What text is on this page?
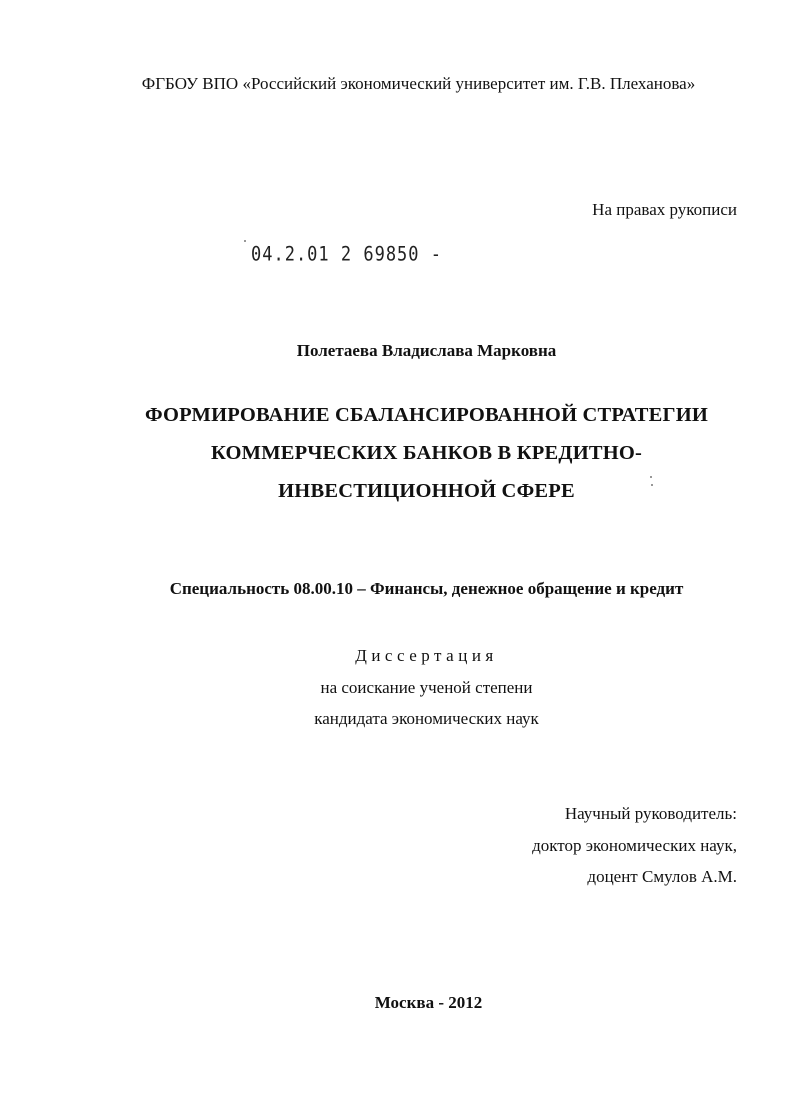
ФГБОУ ВПО «Российский экономический университет им. Г.В. Плеханова»
На правах рукописи
04.2.01 2 69850 -
Полетаева Владислава Марковна
ФОРМИРОВАНИЕ СБАЛАНСИРОВАННОЙ СТРАТЕГИИ
КОММЕРЧЕСКИХ БАНКОВ В КРЕДИТНО-
ИНВЕСТИЦИОННОЙ СФЕРЕ
Специальность 08.00.10 – Финансы, денежное обращение и кредит
Диссертация
на соискание ученой степени
кандидата экономических наук
Научный руководитель:
доктор экономических наук,
доцент Смулов А.М.
Москва - 2012
